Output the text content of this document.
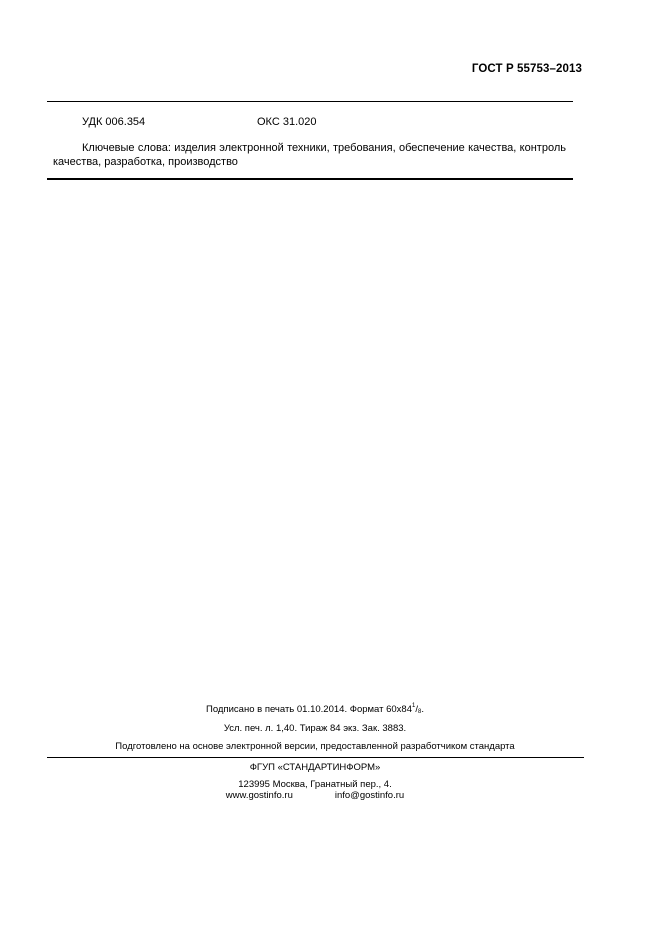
ГОСТ Р 55753–2013
УДК 006.354	ОКС 31.020
Ключевые слова: изделия электронной техники, требования, обеспечение качества, контроль качества, разработка, производство
Подписано в печать 01.10.2014. Формат $60x84^1/8$.
Усл. печ. л. 1,40. Тираж 84 экз. Зак. 3883.
Подготовлено на основе электронной версии, предоставленной разработчиком стандарта
ФГУП «СТАНДАРТИНФОРМ»
123995 Москва, Гранатный пер., 4.
www.gostinfo.ru	info@gostinfo.ru
